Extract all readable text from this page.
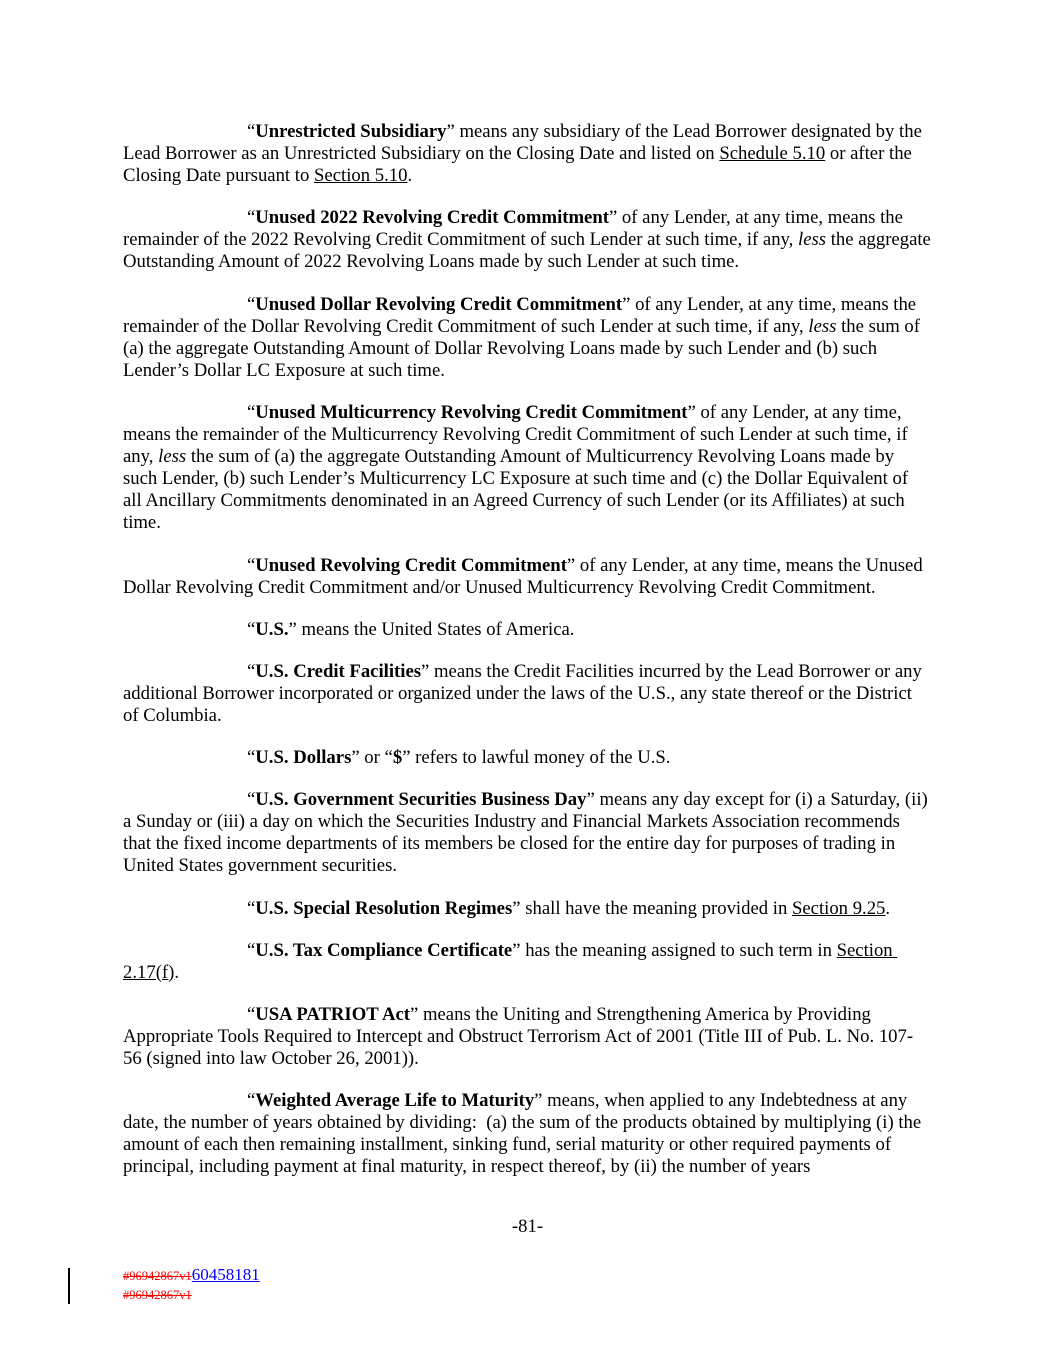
“Unrestricted Subsidiary” means any subsidiary of the Lead Borrower designated by the Lead Borrower as an Unrestricted Subsidiary on the Closing Date and listed on Schedule 5.10 or after the Closing Date pursuant to Section 5.10.

“Unused 2022 Revolving Credit Commitment” of any Lender, at any time, means the remainder of the 2022 Revolving Credit Commitment of such Lender at such time, if any, less the aggregate Outstanding Amount of 2022 Revolving Loans made by such Lender at such time.

“Unused Dollar Revolving Credit Commitment” of any Lender, at any time, means the remainder of the Dollar Revolving Credit Commitment of such Lender at such time, if any, less the sum of (a) the aggregate Outstanding Amount of Dollar Revolving Loans made by such Lender and (b) such Lender’s Dollar LC Exposure at such time.

“Unused Multicurrency Revolving Credit Commitment” of any Lender, at any time, means the remainder of the Multicurrency Revolving Credit Commitment of such Lender at such time, if any, less the sum of (a) the aggregate Outstanding Amount of Multicurrency Revolving Loans made by such Lender, (b) such Lender’s Multicurrency LC Exposure at such time and (c) the Dollar Equivalent of all Ancillary Commitments denominated in an Agreed Currency of such Lender (or its Affiliates) at such time.

“Unused Revolving Credit Commitment” of any Lender, at any time, means the Unused Dollar Revolving Credit Commitment and/or Unused Multicurrency Revolving Credit Commitment.

“U.S.” means the United States of America.

“U.S. Credit Facilities” means the Credit Facilities incurred by the Lead Borrower or any additional Borrower incorporated or organized under the laws of the U.S., any state thereof or the District of Columbia.

“U.S. Dollars” or “$” refers to lawful money of the U.S.

“U.S. Government Securities Business Day” means any day except for (i) a Saturday, (ii) a Sunday or (iii) a day on which the Securities Industry and Financial Markets Association recommends that the fixed income departments of its members be closed for the entire day for purposes of trading in United States government securities.

“U.S. Special Resolution Regimes” shall have the meaning provided in Section 9.25.

“U.S. Tax Compliance Certificate” has the meaning assigned to such term in Section 2.17(f).

“USA PATRIOT Act” means the Uniting and Strengthening America by Providing Appropriate Tools Required to Intercept and Obstruct Terrorism Act of 2001 (Title III of Pub. L. No. 107-56 (signed into law October 26, 2001)).

“Weighted Average Life to Maturity” means, when applied to any Indebtedness at any date, the number of years obtained by dividing:  (a) the sum of the products obtained by multiplying (i) the amount of each then remaining installment, sinking fund, serial maturity or other required payments of principal, including payment at final maturity, in respect thereof, by (ii) the number of years

-81-
#96942867v160458181
#96942867v1
